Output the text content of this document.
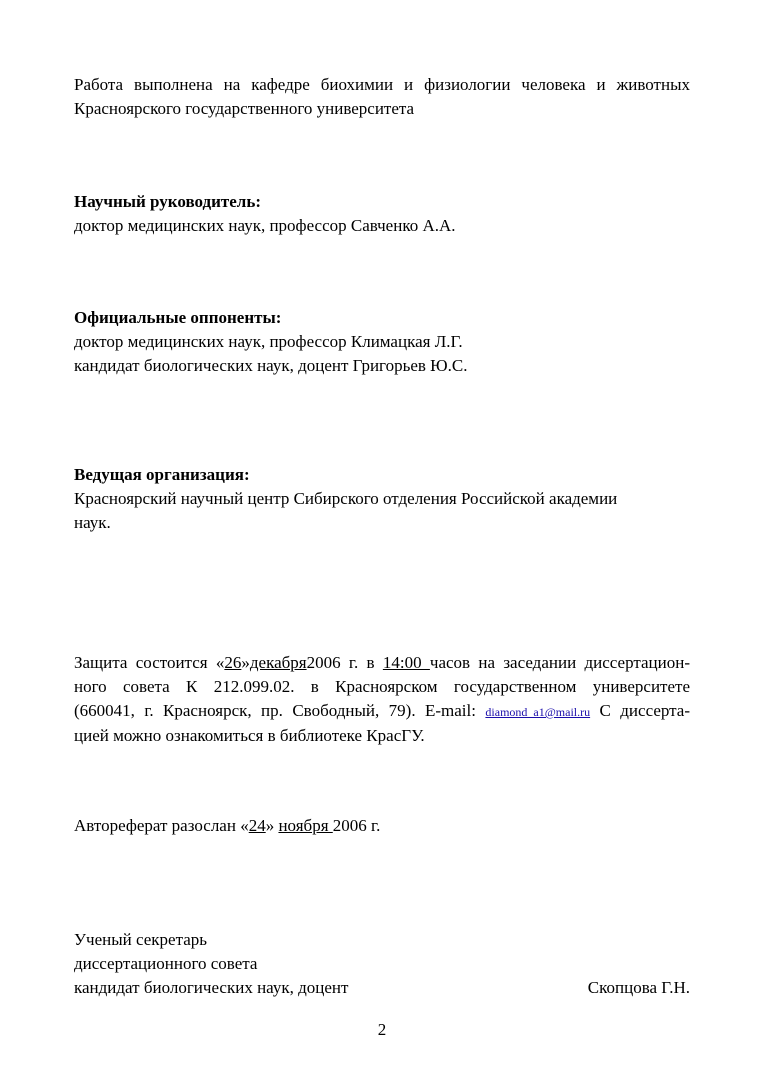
Работа выполнена на кафедре биохимии и физиологии человека и животных
Красноярского государственного университета
Научный руководитель:
доктор медицинских наук, профессор Савченко А.А.
Официальные оппоненты:
доктор медицинских наук, профессор Климацкая Л.Г.
кандидат биологических наук, доцент Григорьев Ю.С.
Ведущая организация:
Красноярский научный центр Сибирского отделения Российской академии
наук.
Защита состоится «26»декабря2006 г. в 14:00 часов на заседании диссертацион-
ного совета К 212.099.02. в Красноярском государственном университете
(660041, г. Красноярск, пр. Свободный, 79). E-mail: diamond_a1@mail.ru С диссерта-
цией можно ознакомиться в библиотеке КрасГУ.
Автореферат разослан «24» ноября 2006 г.
Ученый секретарь
диссертационного совета
кандидат биологических наук, доцент	Скопцова Г.Н.
2
